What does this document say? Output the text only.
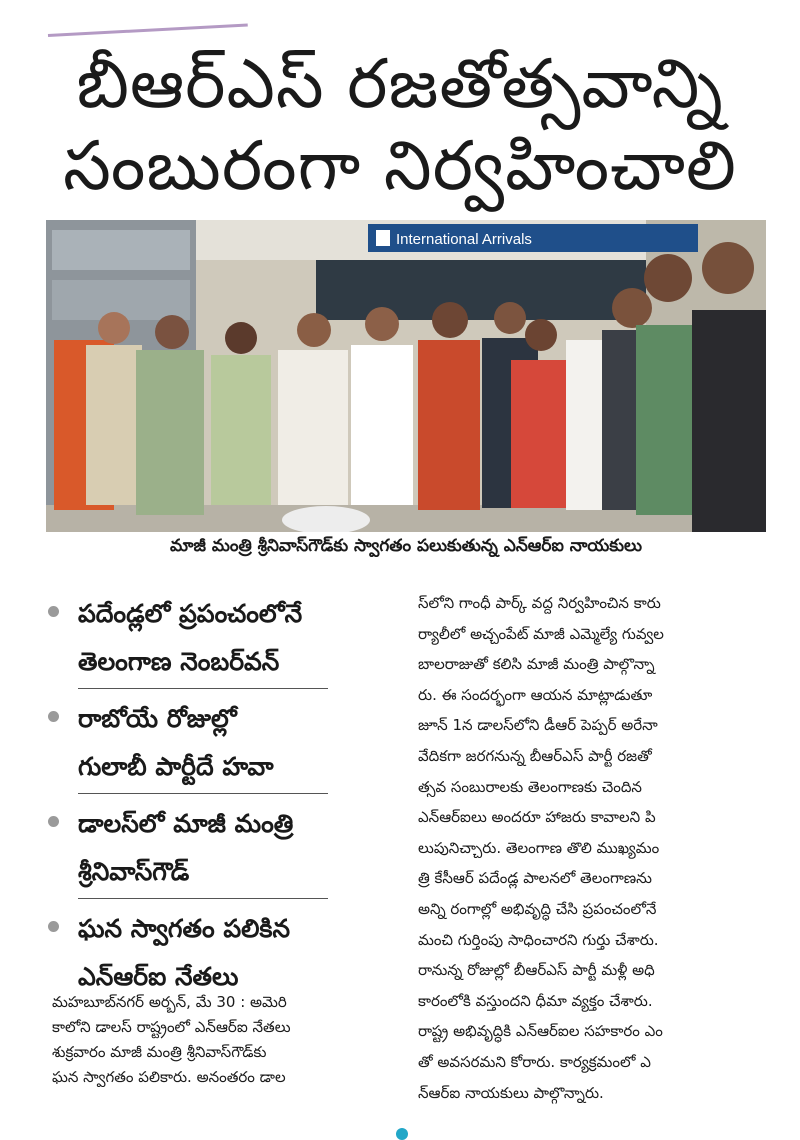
బీఆర్‌ఎస్ రజతోత్సవాన్ని
సంబురంగా నిర్వహించాలి
International Arrivals
మాజీ మంత్రి శ్రీనివాస్‌గౌడ్‌కు స్వాగతం పలుకుతున్న ఎన్‌ఆర్‌ఐ నాయకులు
పదేండ్లలో ప్రపంచంలోనే
తెలంగాణ నెంబర్‌వన్
రాబోయే రోజుల్లో
గులాబీ పార్టీదే హవా
డాలస్‌లో మాజీ మంత్రి
శ్రీనివాస్‌గౌడ్
ఘన స్వాగతం పలికిన
ఎన్‌ఆర్‌ఐ నేతలు
మహబూబ్‌నగర్ అర్బన్, మే 30 : అమెరి
కాలోని డాలస్ రాష్ట్రంలో ఎన్‌ఆర్‌ఐ నేతలు
శుక్రవారం మాజీ మంత్రి శ్రీనివాస్‌గౌడ్‌కు
ఘన స్వాగతం పలికారు. అనంతరం డాల
స్‌లోని గాంధీ పార్క్ వద్ద నిర్వహించిన కారు
ర్యాలీలో అచ్చంపేట్ మాజీ ఎమ్మెల్యే గువ్వల
బాలరాజుతో కలిసి మాజీ మంత్రి పాల్గొన్నా
రు. ఈ సందర్భంగా ఆయన మాట్లాడుతూ
జూన్ 1న డాలస్‌లోని డీఆర్ పెప్పర్ అరేనా
వేదికగా జరగనున్న బీఆర్‌ఎస్ పార్టీ రజతో
త్సవ సంబురాలకు తెలంగాణకు చెందిన
ఎన్‌ఆర్‌ఐలు అందరూ హాజరు కావాలని పి
లుపునిచ్చారు. తెలంగాణ తొలి ముఖ్యమం
త్రి కేసీఆర్ పదేండ్ల పాలనలో తెలంగాణను
అన్ని రంగాల్లో అభివృద్ధి చేసి ప్రపంచంలోనే
మంచి గుర్తింపు సాధించారని గుర్తు చేశారు.
రానున్న రోజుల్లో బీఆర్‌ఎస్ పార్టీ మళ్లీ అధి
కారంలోకి వస్తుందని ధీమా వ్యక్తం చేశారు.
రాష్ట్ర అభివృద్ధికి ఎన్‌ఆర్‌ఐల సహకారం ఎం
తో అవసరమని కోరారు. కార్యక్రమంలో ఎ
న్‌ఆర్‌ఐ నాయకులు పాల్గొన్నారు.
